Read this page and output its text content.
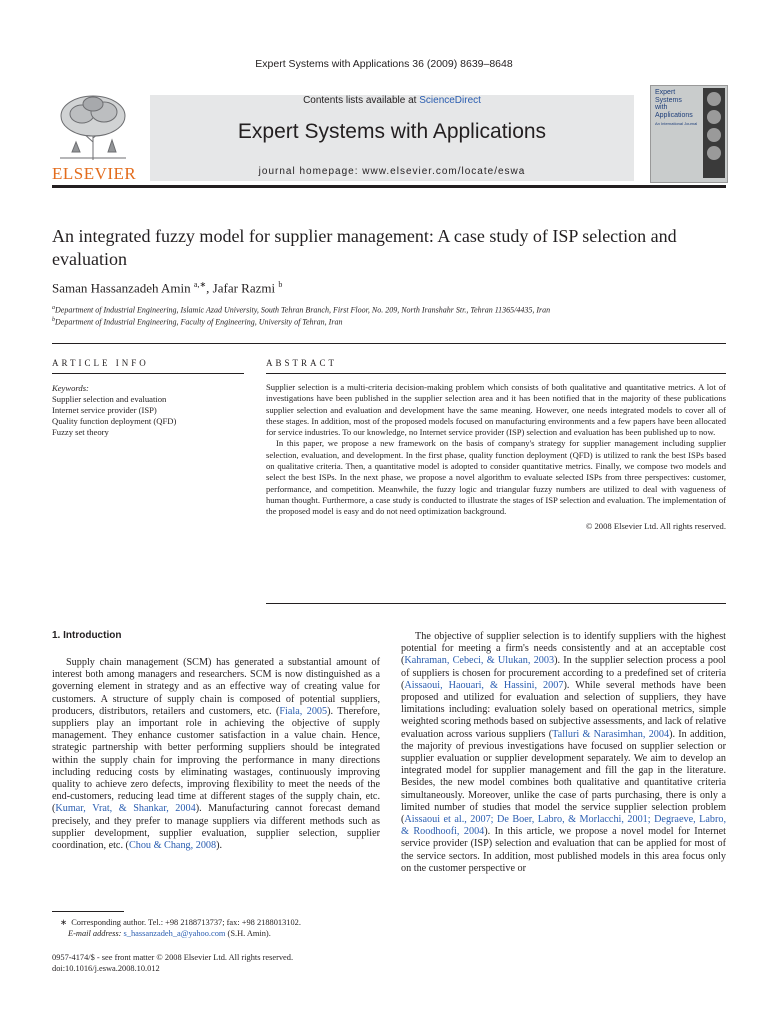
Expert Systems with Applications 36 (2009) 8639–8648
ELSEVIER
Contents lists available at ScienceDirect
Expert Systems with Applications
journal homepage: www.elsevier.com/locate/eswa
Expert
Systems
with
Applications
An International Journal
An integrated fuzzy model for supplier management: A case study of ISP selection and evaluation
Saman Hassanzadeh Amin $^{a,∗}$, Jafar Razmi $^b$
$^a$Department of Industrial Engineering, Islamic Azad University, South Tehran Branch, First Floor, No. 209, North Iranshahr Str., Tehran 11365/4435, Iran
$^b$Department of Industrial Engineering, Faculty of Engineering, University of Tehran, Iran
ARTICLE INFO
Keywords:
Supplier selection and evaluation
Internet service provider (ISP)
Quality function deployment (QFD)
Fuzzy set theory
ABSTRACT

Supplier selection is a multi-criteria decision-making problem which consists of both qualitative and quantitative metrics. A lot of investigations have been published in the supplier selection area and it has been notified that in the majority of these publications supplier selection and evaluation and development have the same meaning. However, one needs integrated models to cover all of these stages. In addition, most of the proposed models focused on manufacturing environments and a few papers have been allocated for service industries. To our knowledge, no Internet service provider (ISP) selection and evaluation has been published up to now.

In this paper, we propose a new framework on the basis of company's strategy for supplier management including supplier selection, evaluation, and development. In the first phase, quality function deployment (QFD) is utilized to rank the best ISPs based on qualitative criteria. Then, a quantitative model is adopted to consider quantitative metrics. Finally, we compose two models and select the best ISPs. In the next phase, we propose a novel algorithm to evaluate selected ISPs from three perspectives: customer, performance, and competition. Meanwhile, the fuzzy logic and triangular fuzzy numbers are utilized to deal with vagueness of human thought. Furthermore, a case study is conducted to illustrate the stages of ISP selection and evaluation. The implementation of the proposed model is easy and do not need optimization background.

© 2008 Elsevier Ltd. All rights reserved.

1. Introduction

Supply chain management (SCM) has generated a substantial amount of interest both among managers and researchers. SCM is now distinguished as a governing element in strategy and as an effective way of creating value for customers. A structure of supply chain is composed of potential suppliers, producers, distributors, retailers and customers, etc. (Fiala, 2005). Therefore, suppliers play an important role in achieving the objective of supply management. They enhance customer satisfaction in a value chain. Hence, strategic partnership with better performing suppliers should be integrated within the supply chain for improving the performance in many directions including reducing costs by eliminating wastages, continuously improving quality to achieve zero defects, improving flexibility to meet the needs of the end-customers, reducing lead time at different stages of the supply chain, etc. (Kumar, Vrat, & Shankar, 2004). Manufacturing cannot forecast demand precisely, and they prefer to manage suppliers via different methods such as supplier development, supplier evaluation, supplier selection, supplier coordination, etc. (Chou & Chang, 2008).

The objective of supplier selection is to identify suppliers with the highest potential for meeting a firm's needs consistently and at an acceptable cost (Kahraman, Cebeci, & Ulukan, 2003). In the supplier selection process a pool of suppliers is chosen for procurement according to a predefined set of criteria (Aissaoui, Haouari, & Hassini, 2007). While several methods have been proposed and utilized for evaluation and selection of suppliers, they have limitations including: evaluation solely based on operational metrics, simple weighted scoring methods based on subjective assessments, and lack of relative evaluation across various suppliers (Talluri & Narasimhan, 2004). In addition, the majority of previous investigations have focused on supplier selection or supplier evaluation or supplier development separately. We aim to develop an integrated model for supplier management and fill the gap in the literature. Besides, the new model combines both qualitative and quantitative criteria simultaneously. Moreover, unlike the case of parts purchasing, there is only a limited number of studies that model the service supplier selection problem (Aissaoui et al., 2007; De Boer, Labro, & Morlacchi, 2001; Degraeve, Labro, & Roodhoofi, 2004). In this article, we propose a novel model for Internet service provider (ISP) selection and evaluation that can be applied for most of the service sectors. In addition, most published models in this area focus only on the customer perspective or

∗ Corresponding author. Tel.: +98 2188713737; fax: +98 2188013102.
E-mail address: s_hassanzadeh_a@yahoo.com (S.H. Amin).
0957-4174/$ - see front matter © 2008 Elsevier Ltd. All rights reserved.
doi:10.1016/j.eswa.2008.10.012
